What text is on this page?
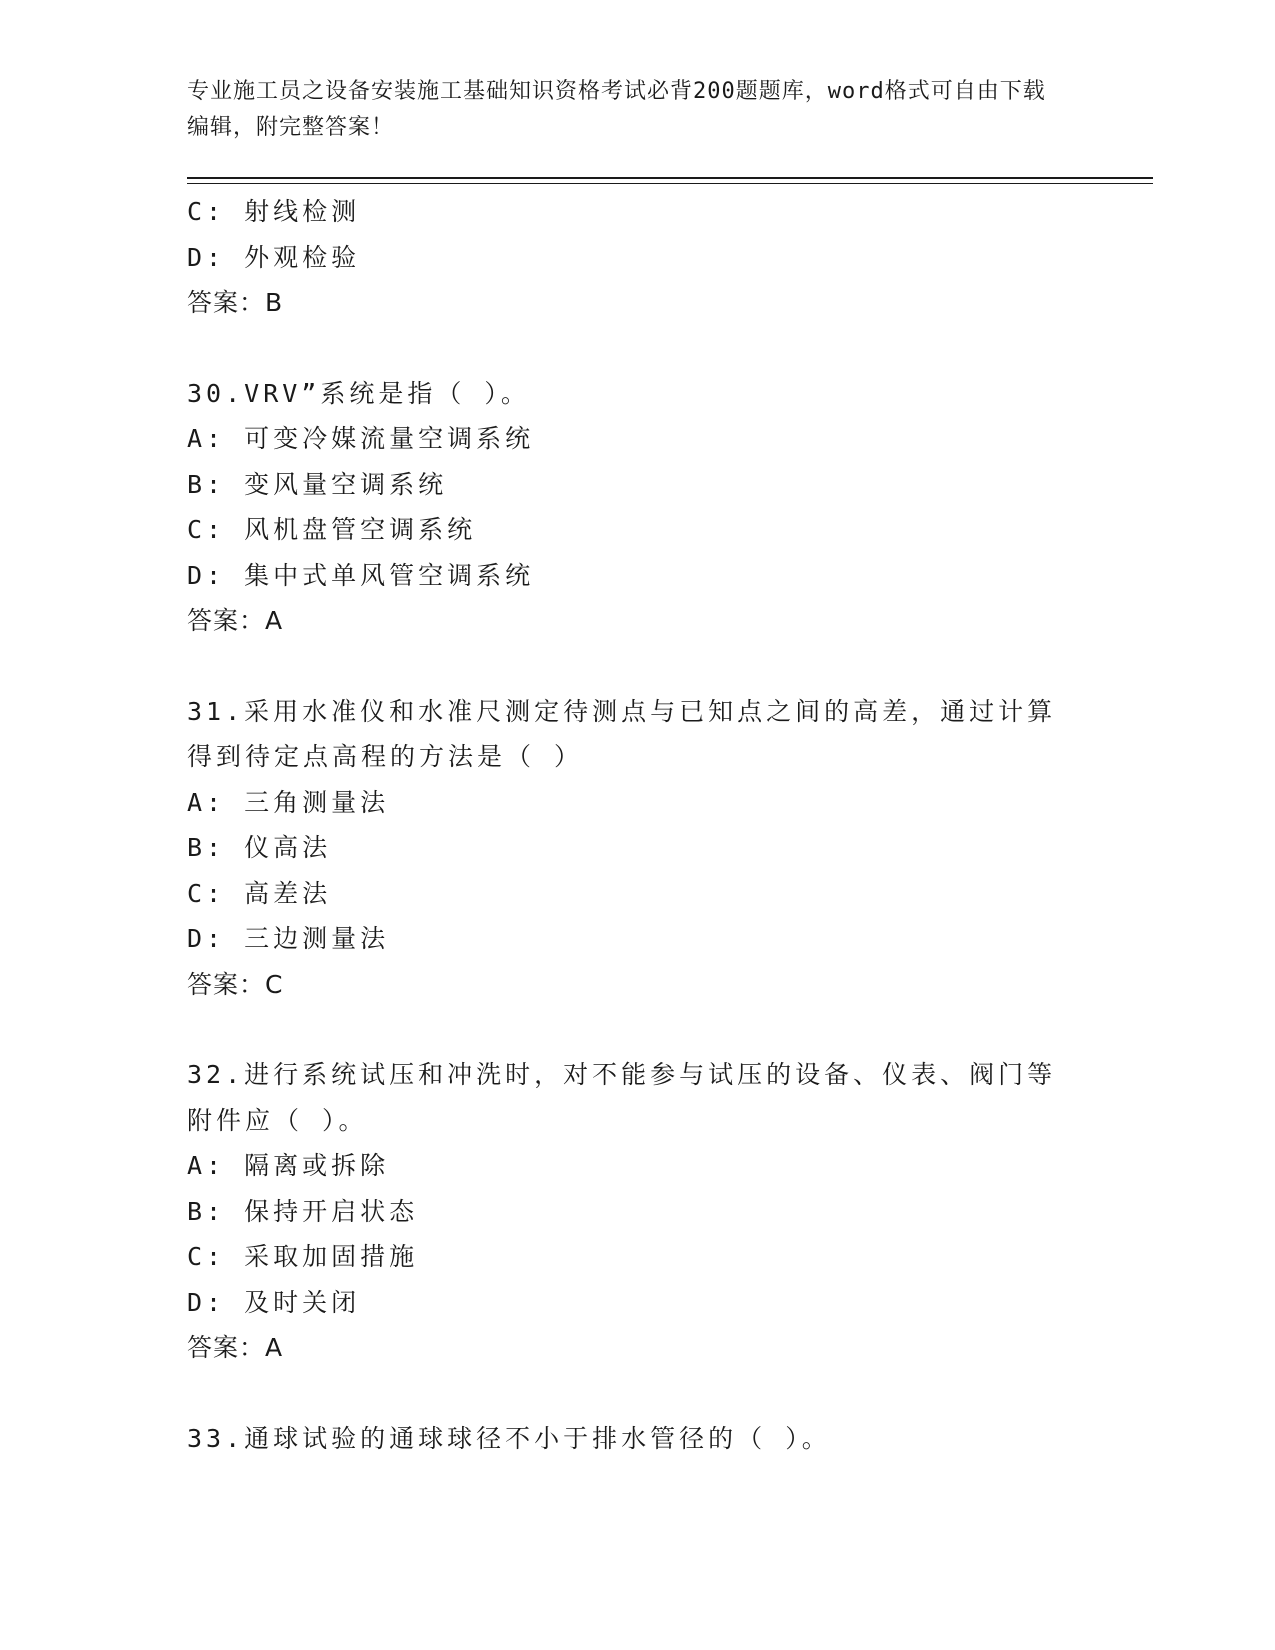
专业施工员之设备安装施工基础知识资格考试必背200题题库，word格式可自由下载编辑，附完整答案！
C: 射线检测
D: 外观检验
答案：B
30.VRV”系统是指（ ）。
A: 可变冷媒流量空调系统
B: 变风量空调系统
C: 风机盘管空调系统
D: 集中式单风管空调系统
答案：A
31.采用水准仪和水准尺测定待测点与已知点之间的高差，通过计算得到待定点高程的方法是（ ）
A: 三角测量法
B: 仪高法
C: 高差法
D: 三边测量法
答案：C
32.进行系统试压和冲洗时，对不能参与试压的设备、仪表、阀门等附件应（ ）。
A: 隔离或拆除
B: 保持开启状态
C: 采取加固措施
D: 及时关闭
答案：A
33.通球试验的通球球径不小于排水管径的（ ）。
